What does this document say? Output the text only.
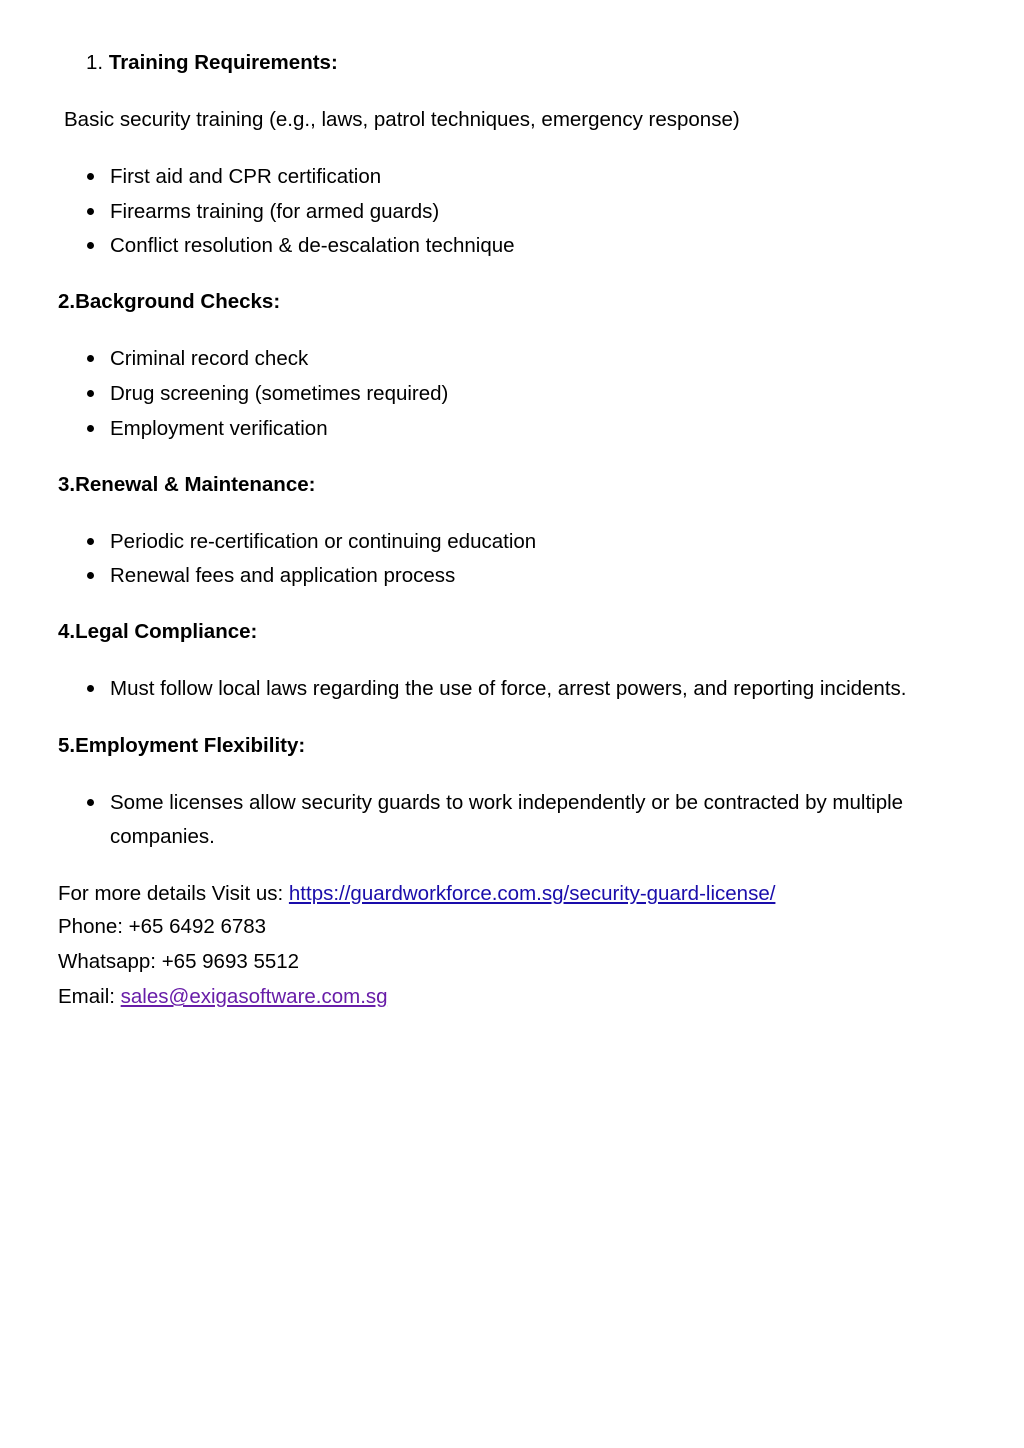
1. Training Requirements:
Basic security training (e.g., laws, patrol techniques, emergency response)
First aid and CPR certification
Firearms training (for armed guards)
Conflict resolution & de-escalation technique
2.Background Checks:
Criminal record check
Drug screening (sometimes required)
Employment verification
3.Renewal & Maintenance:
Periodic re-certification or continuing education
Renewal fees and application process
4.Legal Compliance:
Must follow local laws regarding the use of force, arrest powers, and reporting incidents.
5.Employment Flexibility:
Some licenses allow security guards to work independently or be contracted by multiple
companies.
For more details Visit us: https://guardworkforce.com.sg/security-guard-license/
Phone: +65 6492 6783
Whatsapp: +65 9693 5512
Email: sales@exigasoftware.com.sg
